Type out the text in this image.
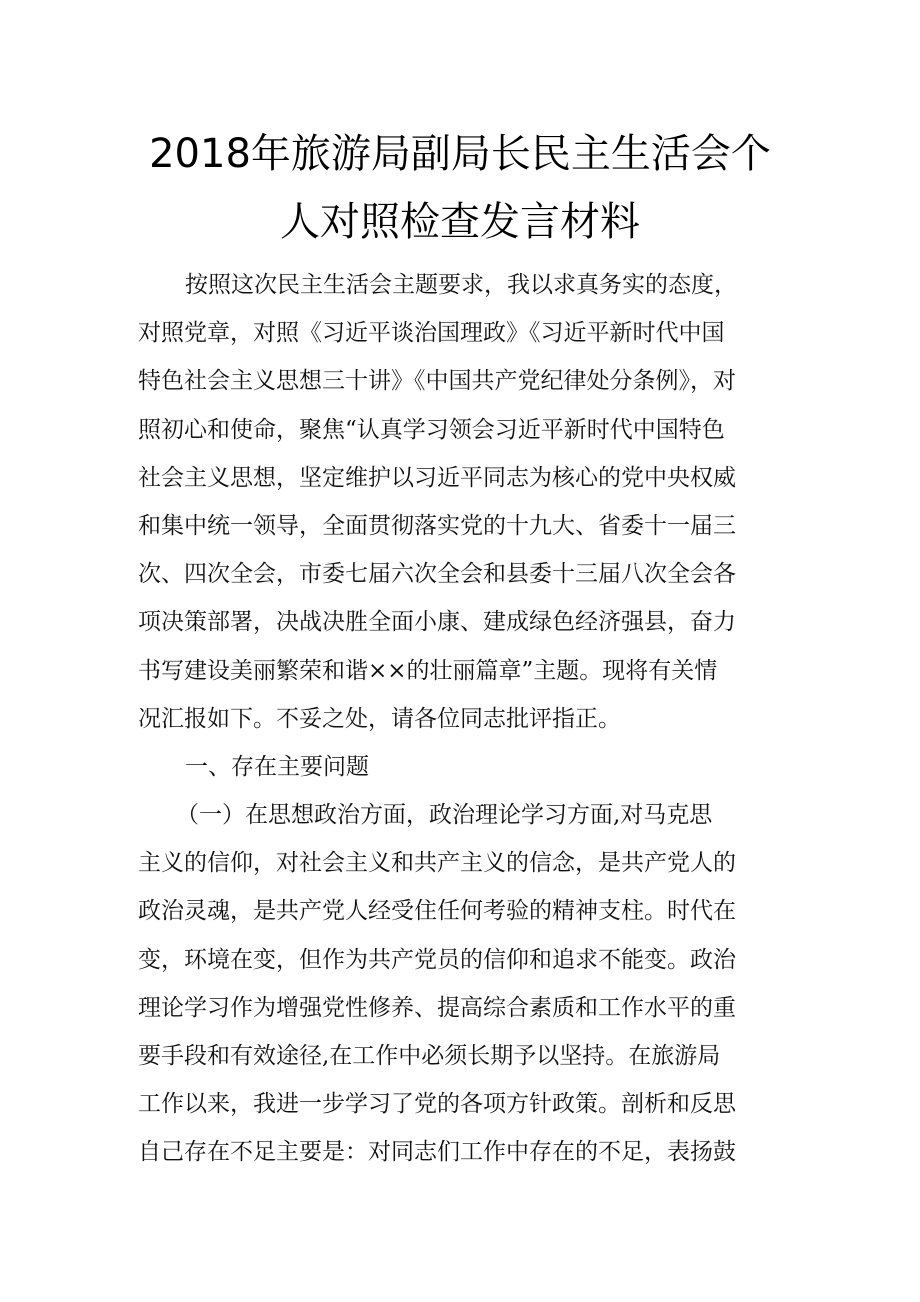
2018年旅游局副局长民主生活会个
人对照检查发言材料
按照这次民主生活会主题要求，我以求真务实的态度，
对照党章，对照《习近平谈治国理政》《习近平新时代中国
特色社会主义思想三十讲》《中国共产党纪律处分条例》，对
照初心和使命，聚焦“认真学习领会习近平新时代中国特色
社会主义思想，坚定维护以习近平同志为核心的党中央权威
和集中统一领导，全面贯彻落实党的十九大、省委十一届三
次、四次全会，市委七届六次全会和县委十三届八次全会各
项决策部署，决战决胜全面小康、建成绿色经济强县，奋力
书写建设美丽繁荣和谐××的壮丽篇章”主题。现将有关情
况汇报如下。不妥之处，请各位同志批评指正。
一、存在主要问题
（一）在思想政治方面，政治理论学习方面,对马克思
主义的信仰，对社会主义和共产主义的信念，是共产党人的
政治灵魂，是共产党人经受住任何考验的精神支柱。时代在
变，环境在变，但作为共产党员的信仰和追求不能变。政治
理论学习作为增强党性修养、提高综合素质和工作水平的重
要手段和有效途径,在工作中必须长期予以坚持。在旅游局
工作以来，我进一步学习了党的各项方针政策。剖析和反思
自己存在不足主要是：对同志们工作中存在的不足，表扬鼓
